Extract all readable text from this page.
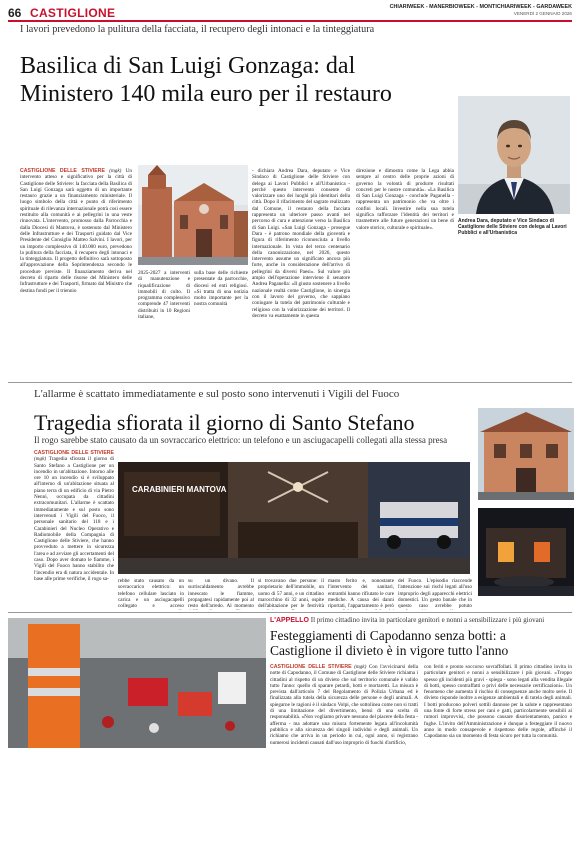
66 CASTIGLIONE	CHIARIWEEK - MANERBIOWEEK - MONTICHIARIWEEK - GARDAWEEK
VENERDÌ 2 GENNAIO 2026
I lavori prevedono la pulitura della facciata, il recupero degli intonaci e la tinteggiatura
Basilica di San Luigi Gonzaga: dal Ministero 140 mila euro per il restauro
Andrea Dara, deputato e Vice Sindaco di Castiglione delle Stiviere con delega al Lavori Pubblici e all'Urbanistica
CASTIGLIONE DELLE STIVIERE (mgk) Un intervento atteso e significativo per la città di Castiglione delle Stiviere: la facciata della Basilica di San Luigi Gonzaga sarà oggetto di un importante restauro grazie a un finanziamento ministeriale. Il luogo simbolo della città e punto di riferimento spirituale di rilevanza internazionale potrà così essere restituito alla comunità e ai pellegrini in una veste rinnovata. L'intervento, promosso dalla Parrocchia e dalla Diocesi di Mantova, è sostenuto dal Ministero delle Infrastrutture e dei Trasporti guidato dal Vice Presidente del Consiglio Matteo Salvini. I lavori, per un importo complessivo di 140.000 euro, prevedono la pulitura della facciata, il recupero degli intonaci e la tinteggiatura. Il progetto definitivo sarà sottoposto all'approvazione della Soprintendenza secondo le procedure previste. Il finanziamento deriva nel decreto di riparto delle risorse del Ministero delle Infrastrutture e dei Trasporti, firmato dal Ministro che destina fondi per il triennio
2025-2027 a interventi di manutenzione e riqualificazione di immobili di culto. Il programma complessivo comprende 47 interventi distribuiti in 10 Regioni italiane,
sulla base delle richieste presentate da parrocchie, diocesi ed enti religiosi. «Si tratta di una notizia molto importante per la nostra comunità
- dichiara Andrea Dara, deputato e Vice Sindaco di Castiglione delle Stiviere con delega ai Lavori Pubblici e all'Urbanistica - perché questo intervento consente di valorizzare uno dei luoghi più identitari della città. Dopo il rifacimento del sagrato realizzato dal Comune, il restauro della facciata rappresenta un ulteriore passo avanti nel percorso di cura e attenzione verso la Basilica di San Luigi. «San Luigi Gonzaga - prosegue Dara - è patrono mondiale della gioventù e figura di riferimento riconosciuta a livello internazionale. In vista del terzo centenario della canonizzazione, nel 2026, questo intervento assume un significato ancora più forte, anche in considerazione dell'arrivo di pellegrini da diversi Paesi». Sul valore più ampio dell'operazione interviene il senatore Andrea Paganella: «Il giusto sostenere a livello nazionale realtà come Castiglione, in sinergia con il lavoro del governo, che sappiano coniugare la tutela del patrimonio culturale e religioso con la valorizzazione dei territori. Il decreto va esattamente in questa
direzione e dimostra come la Lega abbia sempre al centro delle proprie azioni di governo la volontà di produrre risultati concreti per le nostre comunità». «La Basilica di San Luigi Gonzaga - conclude Paganella - rappresenta un patrimonio che va oltre i confini locali. Investire nella sua tutela significa rafforzare l'identità dei territori e trasmettere alle future generazioni un bene di valore storico, culturale e spirituale».
L'allarme è scattato immediatamente e sul posto sono intervenuti i Vigili del Fuoco
Tragedia sfiorata il giorno di Santo Stefano
Il rogo sarebbe stato causato da un sovraccarico elettrico: un telefono e un asciugacapelli collegati alla stessa presa
CASTIGLIONE DELLE STIVIERE (mgk) Tragedia sfiorata il giorno di Santo Stefano a Castiglione per un incendio in un'abitazione. Intorno alle ore 10 un incendio si è sviluppato all'interno di un'abitazione situata al piano terra di un edificio di via Pietro Nenni, occupata da cittadini extracomunitari. L'allarme è scattato immediatamente e sul posto sono intervenuti i Vigili del Fuoco, il personale sanitario del 118 e i Carabinieri del Nucleo Operativo e Radiomobile della Compagnia di Castiglione delle Stiviere, che hanno provveduto a mettere in sicurezza l'area e ad avviare gli accertamenti del caso. Dopo aver domato le fiamme, i Vigili del Fuoco hanno stabilito che l'incendio era di natura accidentale. In base alle prime verifiche, il rogo sa-
CARABINIERI MANTOVA
rebbe stato causato da un sovraccarico elettrico: un telefono cellulare lasciato in carica e un asciugacapelli collegato e acceso
su un divano. Il surriscaldamento avrebbe innescato le fiamme, propagatesi rapidamente poi al resto dell'arredo. Al momento
si trovavano due persone: il proprietario dell'immobile, un uomo di 57 anni, e un cittadino marocchino di 32 anni, ospite dell'abitazione per le festività
masto ferito e, nonostante l'intervento dei sanitari, entrambi hanno rifiutato le cure mediche. A causa dei danni riportati, l'appartamento è però
del Fuoco. L'episodio riaccende l'attenzione sui rischi legati all'uso improprio degli apparecchi elettrici domestici. Un gesto banale che in questo caso avrebbe potuto
L'APPELLO Il primo cittadino invita in particolare genitori e nonni a sensibilizzare i più giovani
Festeggiamenti di Capodanno senza botti: a Castiglione il divieto è in vigore tutto l'anno
CASTIGLIONE DELLE STIVIERE (mgk) Con l'avvicinarsi della notte di Capodanno, il Comune di Castiglione delle Stiviere richiama i cittadini al rispetto di un divieto che sul territorio comunale è valido tutto l'anno: quello di sparare petardi, botti e mortaretti. La misura è prevista dall'articolo 7 del Regolamento di Polizia Urbana ed è finalizzata alla tutela della sicurezza delle persone e degli animali. A spiegarne le ragioni è il sindaco Volpi, che sottolinea come non si tratti di una limitazione del divertimento, bensì di una scelta di responsabilità. «Non vogliamo privare nessuno del piacere della festa - afferma - ma adottare una misura fortemente legata all'incolumità pubblica e alla sicurezza dei singoli individui e degli animali. Un richiamo che arriva in un periodo in cui, ogni anno, si registrano numerosi incidenti causati dall'uso improprio di fuochi d'artificio,
con feriti e pronto soccorso sovraffollati. Il primo cittadino invita in particolare genitori e nonni a sensibilizzare i più giovani. «Troppo spesso gli incidenti più gravi - spiega - sono legati alla vendita illegale di botti, spesso contraffatti o privi delle necessarie certificazioni». Un fenomeno che aumenta il rischio di conseguenze anche molto serie. Il divieto risponde inoltre a esigenze ambientali e di tutela degli animali. I botti producono polveri sottili dannose per la salute e rappresentano una fonte di forte stress per cani e gatti, particolarmente sensibili ai rumori improvvisi, che possono causare disorientamento, panico e fughe. L'invito dell'Amministrazione è dunque a festeggiare il nuovo anno in modo consapevole e rispettoso delle regole, affinché il Capodanno sia un momento di festa sicuro per tutta la comunità.
